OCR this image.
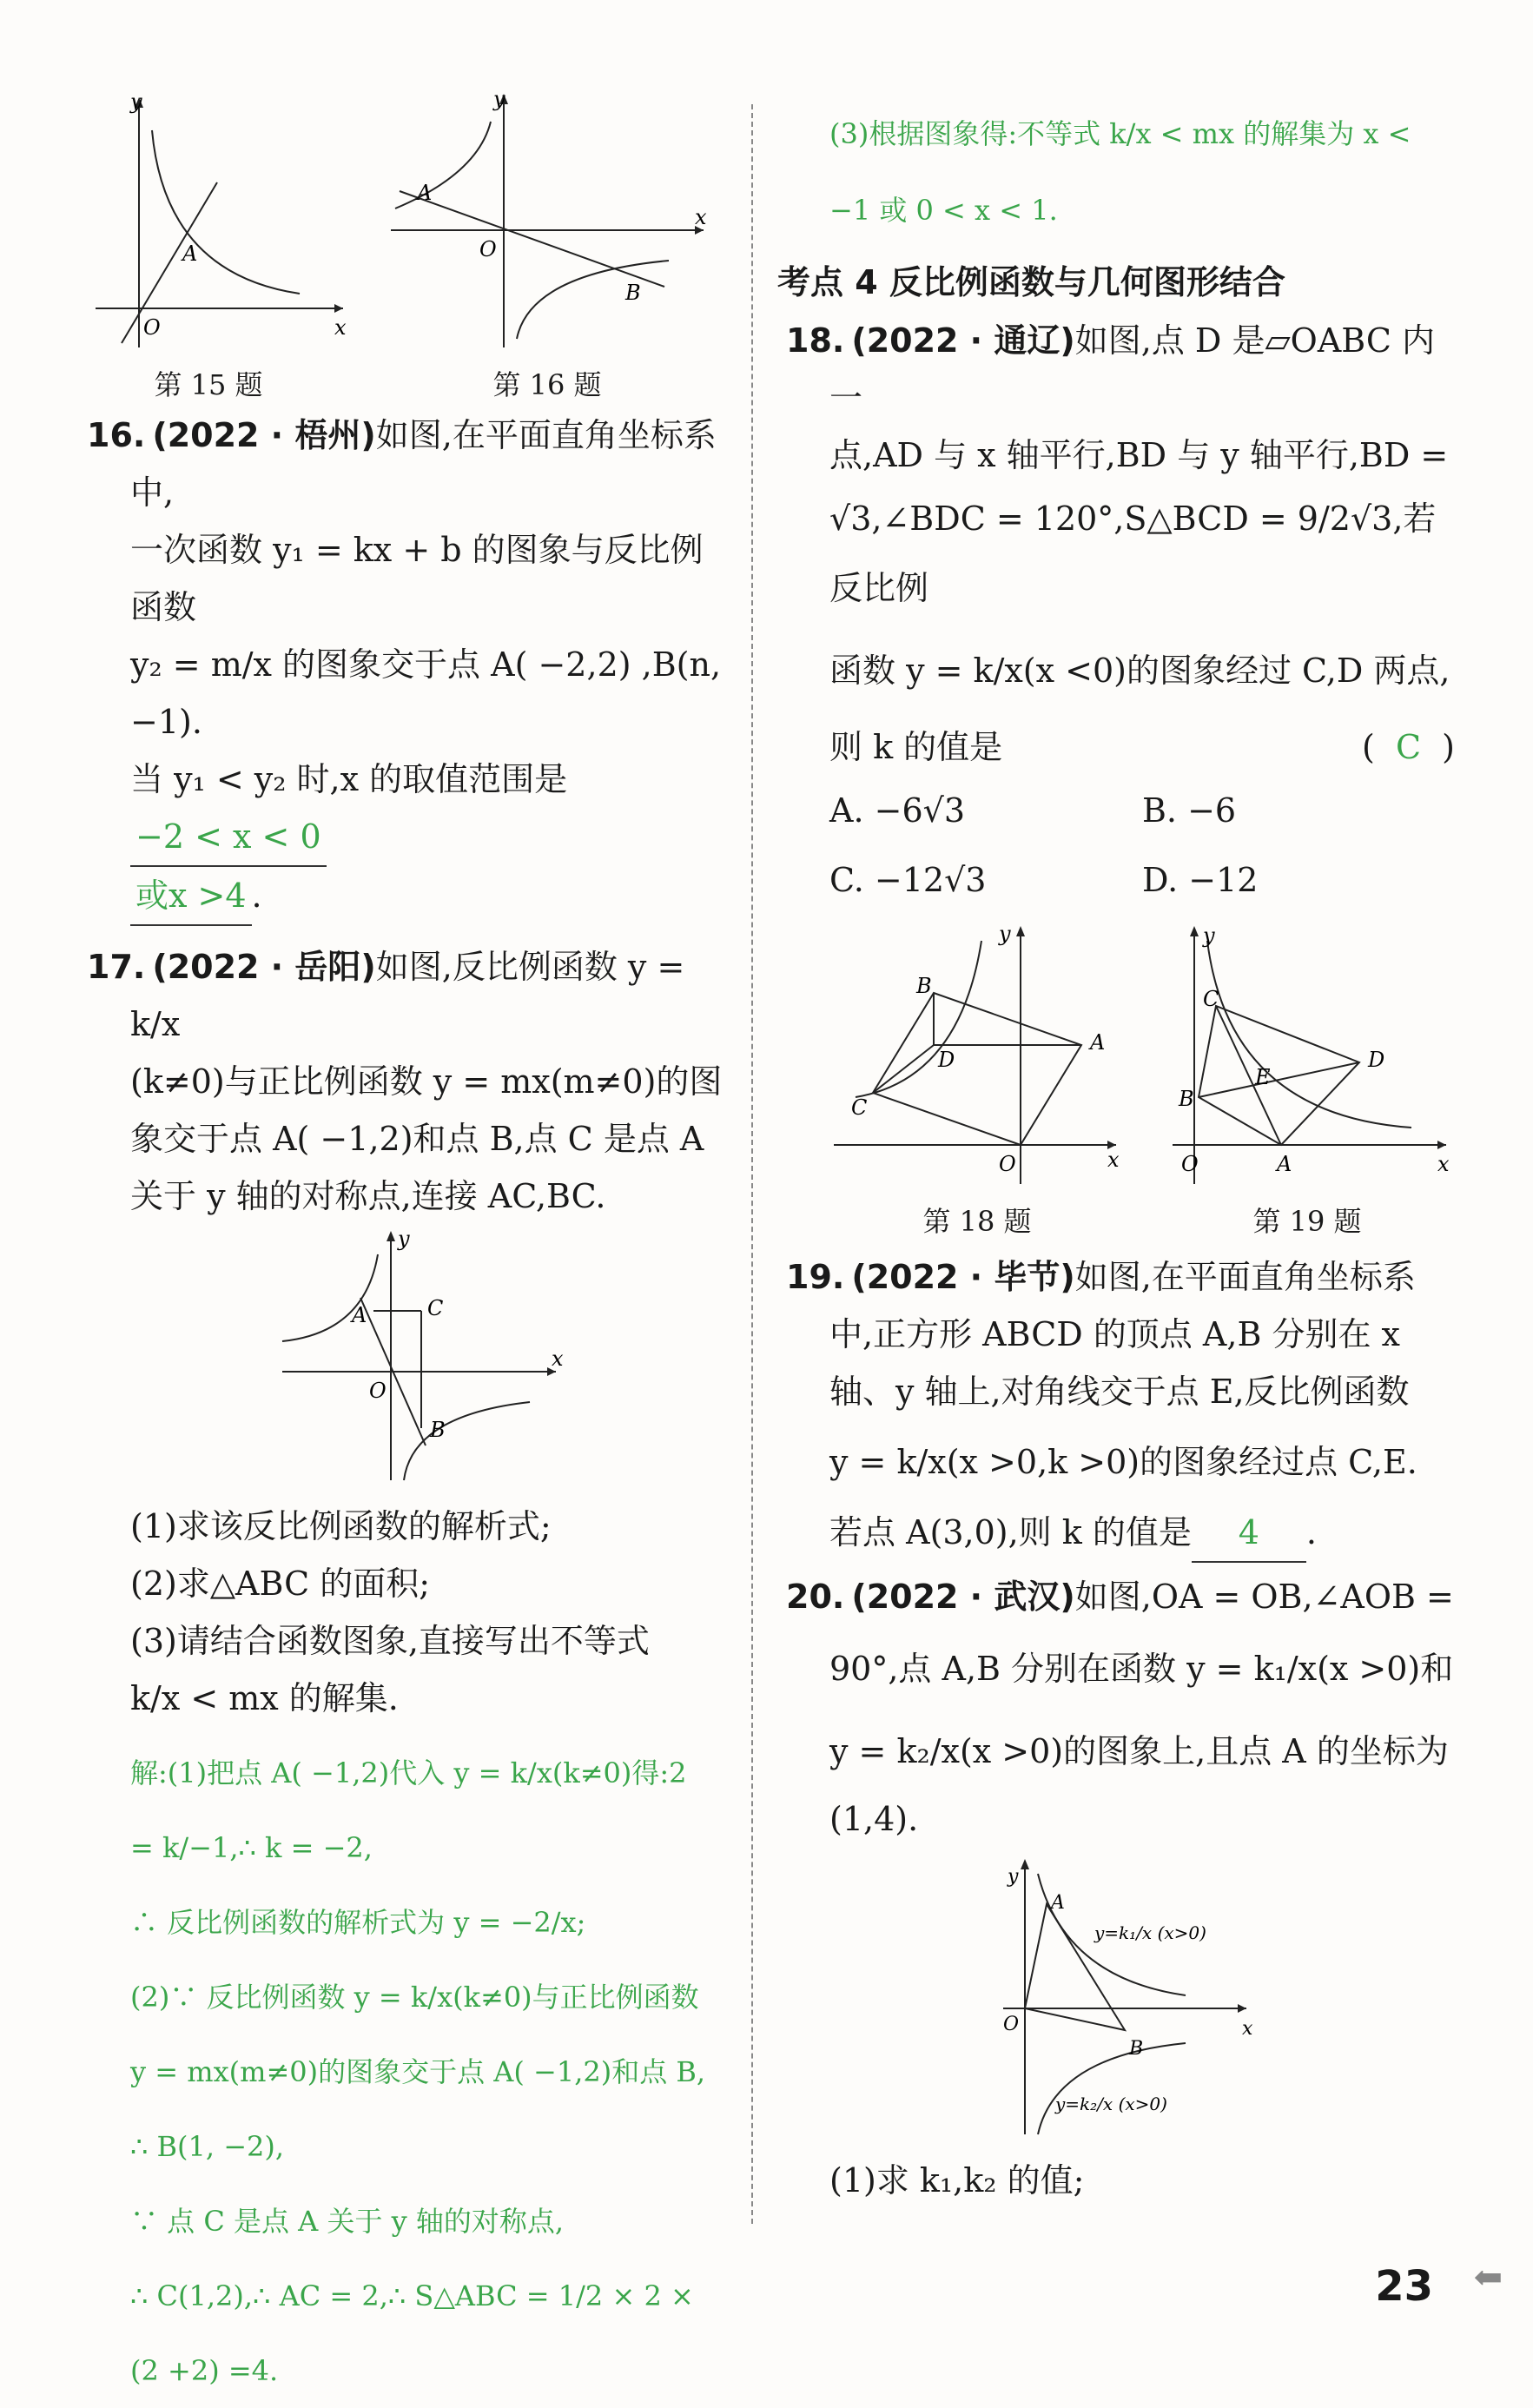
y
x
O
A
第 15 题
y
x
O
A
B
第 16 题
16. (2022 · 梧州)如图,在平面直角坐标系中,
一次函数 y₁ = kx + b 的图象与反比例函数
y₂ = m/x 的图象交于点 A( −2,2) ,B(n, −1).
当 y₁ < y₂ 时,x 的取值范围是−2 < x < 0
或x >4 .
17. (2022 · 岳阳)如图,反比例函数 y = k/x
(k≠0)与正比例函数 y = mx(m≠0)的图
象交于点 A( −1,2)和点 B,点 C 是点 A
关于 y 轴的对称点,连接 AC,BC.
y
x
O
A	C
B
(1)求该反比例函数的解析式;
(2)求△ABC 的面积;
(3)请结合函数图象,直接写出不等式
k/x < mx 的解集.
解:(1)把点 A( −1,2)代入 y = k/x(k≠0)得:2
= k/−1,∴ k = −2,
∴ 反比例函数的解析式为 y = −2/x;
(2)∵ 反比例函数 y = k/x(k≠0)与正比例函数
y = mx(m≠0)的图象交于点 A( −1,2)和点 B,
∴ B(1, −2),
∵ 点 C 是点 A 关于 y 轴的对称点,
∴ C(1,2),∴ AC = 2,∴ S△ABC = 1/2 × 2 ×
(2 +2) =4.
(3)根据图象得:不等式 k/x < mx 的解集为 x <
−1 或 0 < x < 1.
考点 4 反比例函数与几何图形结合
18. (2022 · 通辽)如图,点 D 是▱OABC 内一
点,AD 与 x 轴平行,BD 与 y 轴平行,BD =
√3,∠BDC = 120°,S△BCD = 9/2√3,若反比例
函数 y = k/x(x <0)的图象经过 C,D 两点,
则 k 的值是	(  C  )
A. −6√3	B. −6
C. −12√3	D. −12
y
x
O
B
D
A
C
第 18 题
y
x
O
C
D
E
B
A
第 19 题
19. (2022 · 毕节)如图,在平面直角坐标系
中,正方形 ABCD 的顶点 A,B 分别在 x
轴、y 轴上,对角线交于点 E,反比例函数
y = k/x(x >0,k >0)的图象经过点 C,E.
若点 A(3,0),则 k 的值是 4 .
20. (2022 · 武汉)如图,OA = OB,∠AOB =
90°,点 A,B 分别在函数 y = k₁/x(x >0)和
y = k₂/x(x >0)的图象上,且点 A 的坐标为
(1,4).
y
x
O
A
B
y=k₁/x (x>0)
y=k₂/x (x>0)
(1)求 k₁,k₂ 的值;
23 ⬅
